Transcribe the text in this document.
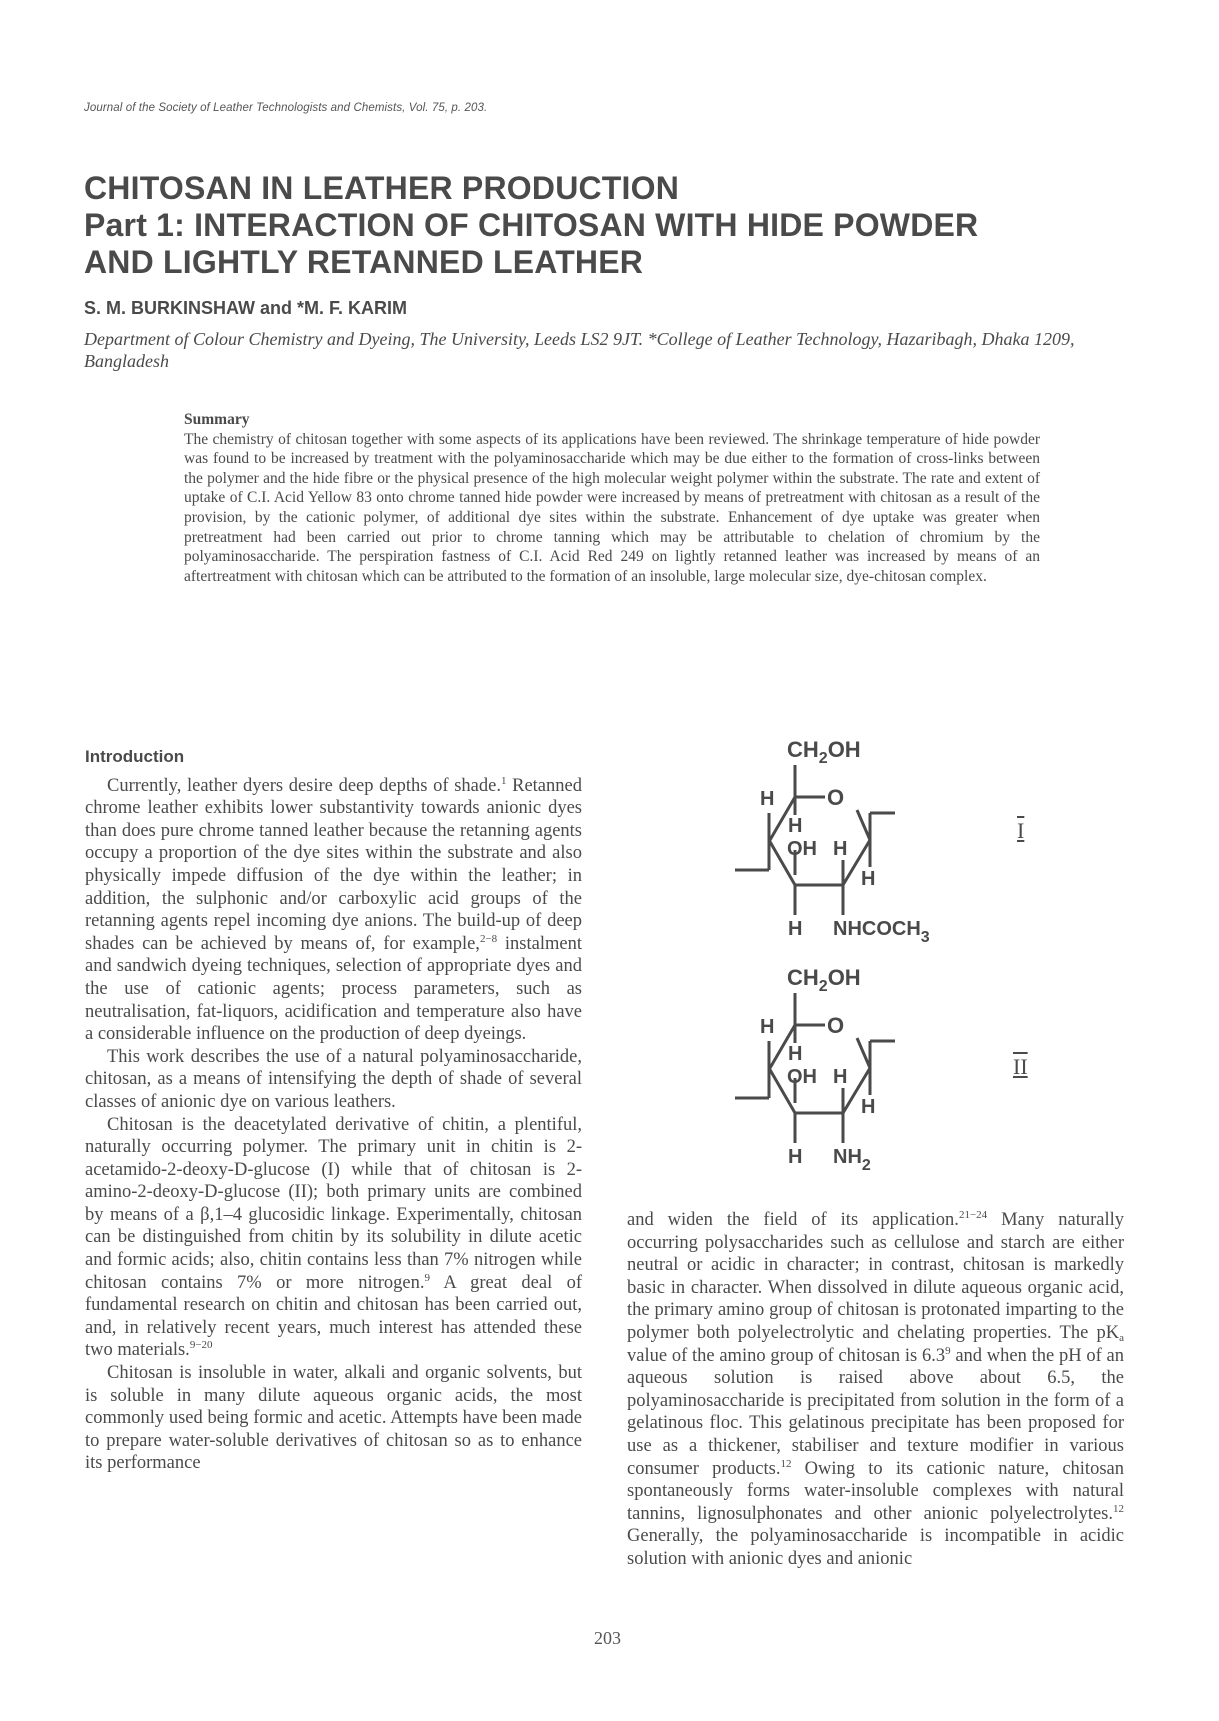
Journal of the Society of Leather Technologists and Chemists, Vol. 75, p. 203.
CHITOSAN IN LEATHER PRODUCTION
Part 1: INTERACTION OF CHITOSAN WITH HIDE POWDER
AND LIGHTLY RETANNED LEATHER
S. M. BURKINSHAW and *M. F. KARIM
Department of Colour Chemistry and Dyeing, The University, Leeds LS2 9JT. *College of Leather Technology, Hazaribagh, Dhaka 1209, Bangladesh
Summary
The chemistry of chitosan together with some aspects of its applications have been reviewed. The shrinkage temperature of hide powder was found to be increased by treatment with the polyaminosaccharide which may be due either to the formation of cross-links between the polymer and the hide fibre or the physical presence of the high molecular weight polymer within the substrate. The rate and extent of uptake of C.I. Acid Yellow 83 onto chrome tanned hide powder were increased by means of pretreatment with chitosan as a result of the provision, by the cationic polymer, of additional dye sites within the substrate. Enhancement of dye uptake was greater when pretreatment had been carried out prior to chrome tanning which may be attributable to chelation of chromium by the polyaminosaccharide. The perspiration fastness of C.I. Acid Red 249 on lightly retanned leather was increased by means of an aftertreatment with chitosan which can be attributed to the formation of an insoluble, large molecular size, dye-chitosan complex.
Introduction

Currently, leather dyers desire deep depths of shade.$^1$ Retanned chrome leather exhibits lower substantivity towards anionic dyes than does pure chrome tanned leather because the retanning agents occupy a proportion of the dye sites within the substrate and also physically impede diffusion of the dye within the leather; in addition, the sulphonic and/or carboxylic acid groups of the retanning agents repel incoming dye anions. The build-up of deep shades can be achieved by means of, for example,$^{2-8}$ instalment and sandwich dyeing techniques, selection of appropriate dyes and the use of cationic agents; process parameters, such as neutralisation, fat-liquors, acidification and temperature also have a considerable influence on the production of deep dyeings.

This work describes the use of a natural polyaminosaccharide, chitosan, as a means of intensifying the depth of shade of several classes of anionic dye on various leathers.

Chitosan is the deacetylated derivative of chitin, a plentiful, naturally occurring polymer. The primary unit in chitin is 2-acetamido-2-deoxy-D-glucose (I) while that of chitosan is 2-amino-2-deoxy-D-glucose (II); both primary units are combined by means of a β,1–4 glucosidic linkage. Experimentally, chitosan can be distinguished from chitin by its solubility in dilute acetic and formic acids; also, chitin contains less than 7% nitrogen while chitosan contains 7% or more nitrogen.$^9$ A great deal of fundamental research on chitin and chitosan has been carried out, and, in relatively recent years, much interest has attended these two materials.$^{9-20}$

Chitosan is insoluble in water, alkali and organic solvents, but is soluble in many dilute aqueous organic acids, the most commonly used being formic and acetic. Attempts have been made to prepare water-soluble derivatives of chitosan so as to enhance its performance

and widen the field of its application.$^{21-24}$ Many naturally occurring polysaccharides such as cellulose and starch are either neutral or acidic in character; in contrast, chitosan is markedly basic in character. When dissolved in dilute aqueous organic acid, the primary amino group of chitosan is protonated imparting to the polymer both polyelectrolytic and chelating properties. The $pK_a$ value of the amino group of chitosan is $6.3^9$ and when the pH of an aqueous solution is raised above about 6.5, the polyaminosaccharide is precipitated from solution in the form of a gelatinous floc. This gelatinous precipitate has been proposed for use as a thickener, stabiliser and texture modifier in various consumer products.$^{12}$ Owing to its cationic nature, chitosan spontaneously forms water-insoluble complexes with natural tannins, lignosulphonates and other anionic polyelectrolytes.$^{12}$ Generally, the polyaminosaccharide is incompatible in acidic solution with anionic dyes and anionic

$CH_2OH$
H O
H
OH H
H
H $NHCOCH_3$
I
$CH_2OH$
H O
H
OH H
H
H $NH_2$
II
203
